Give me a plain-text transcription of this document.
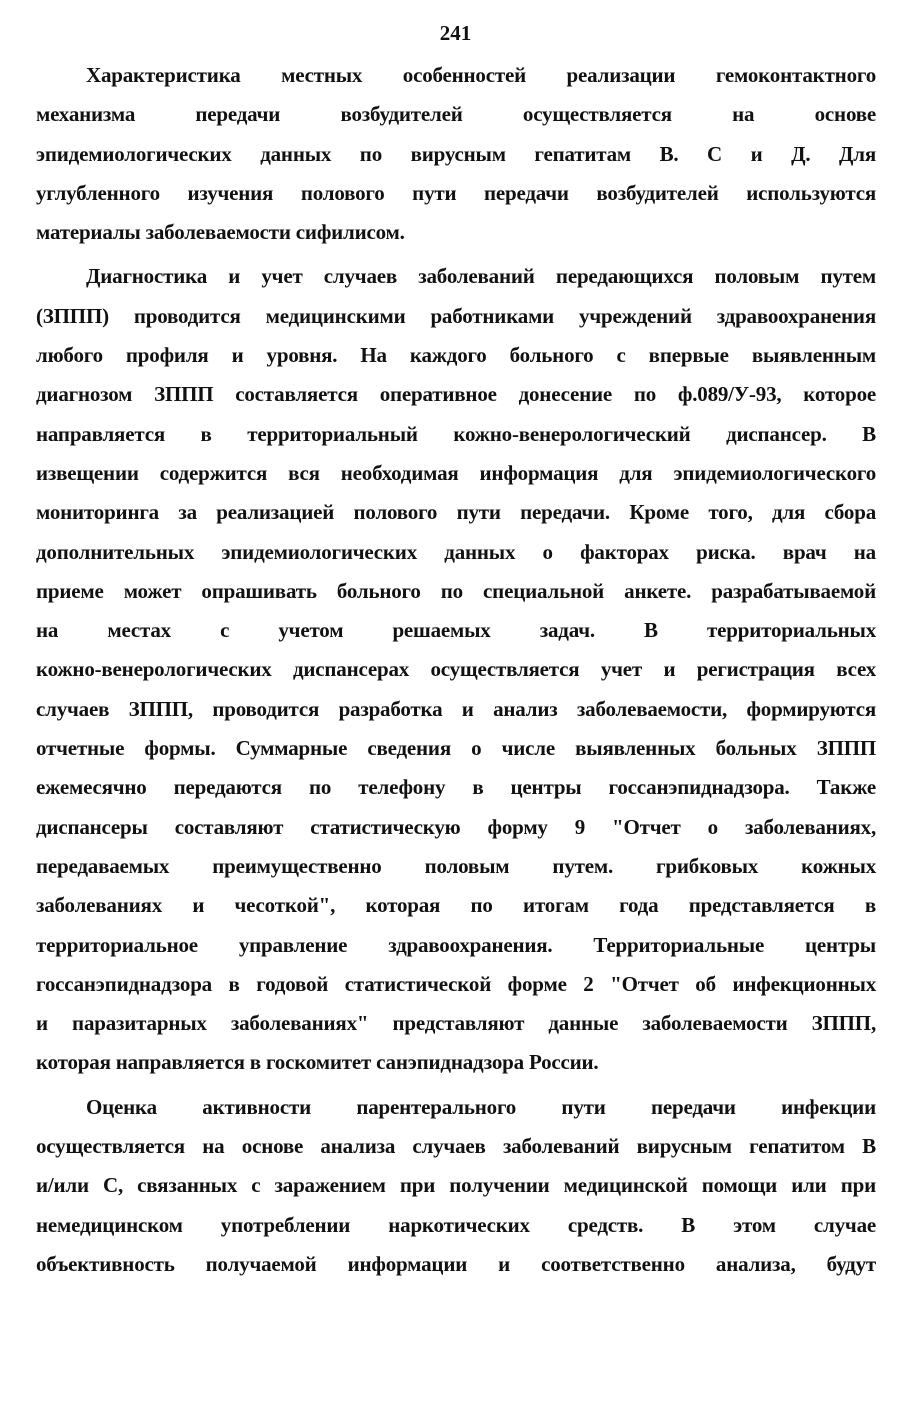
241
Характеристика местных особенностей реализации гемоконтактного
механизма передачи возбудителей осуществляется на основе
эпидемиологических данных по вирусным гепатитам В. С и Д. Для
углубленного изучения полового пути передачи возбудителей используются
материалы заболеваемости сифилисом.
Диагностика и учет случаев заболеваний передающихся половым путем
(ЗППП) проводится медицинскими работниками учреждений здравоохранения
любого профиля и уровня. На каждого больного с впервые выявленным
диагнозом ЗППП составляется оперативное донесение по ф.089/У-93, которое
направляется в территориальный кожно-венерологический диспансер. В
извещении содержится вся необходимая информация для эпидемиологического
мониторинга за реализацией полового пути передачи. Кроме того, для сбора
дополнительных эпидемиологических данных о факторах риска. врач на
приеме может опрашивать больного по специальной анкете. разрабатываемой
на местах с учетом решаемых задач. В территориальных
кожно-венерологических диспансерах осуществляется учет и регистрация всех
случаев ЗППП, проводится разработка и анализ заболеваемости, формируются
отчетные формы. Суммарные сведения о числе выявленных больных ЗППП
ежемесячно передаются по телефону в центры госсанэпиднадзора. Также
диспансеры составляют статистическую форму 9 "Отчет о заболеваниях,
передаваемых преимущественно половым путем. грибковых кожных
заболеваниях и чесоткой", которая по итогам года представляется в
территориальное управление здравоохранения. Территориальные центры
госсанэпиднадзора в годовой статистической форме 2 "Отчет об инфекционных
и паразитарных заболеваниях" представляют данные заболеваемости ЗППП,
которая направляется в госкомитет санэпиднадзора России.
Оценка активности парентерального пути передачи инфекции
осуществляется на основе анализа случаев заболеваний вирусным гепатитом В
и/или С, связанных с заражением при получении медицинской помощи или при
немедицинском употреблении наркотических средств. В этом случае
объективность получаемой информации и соответственно анализа, будут
